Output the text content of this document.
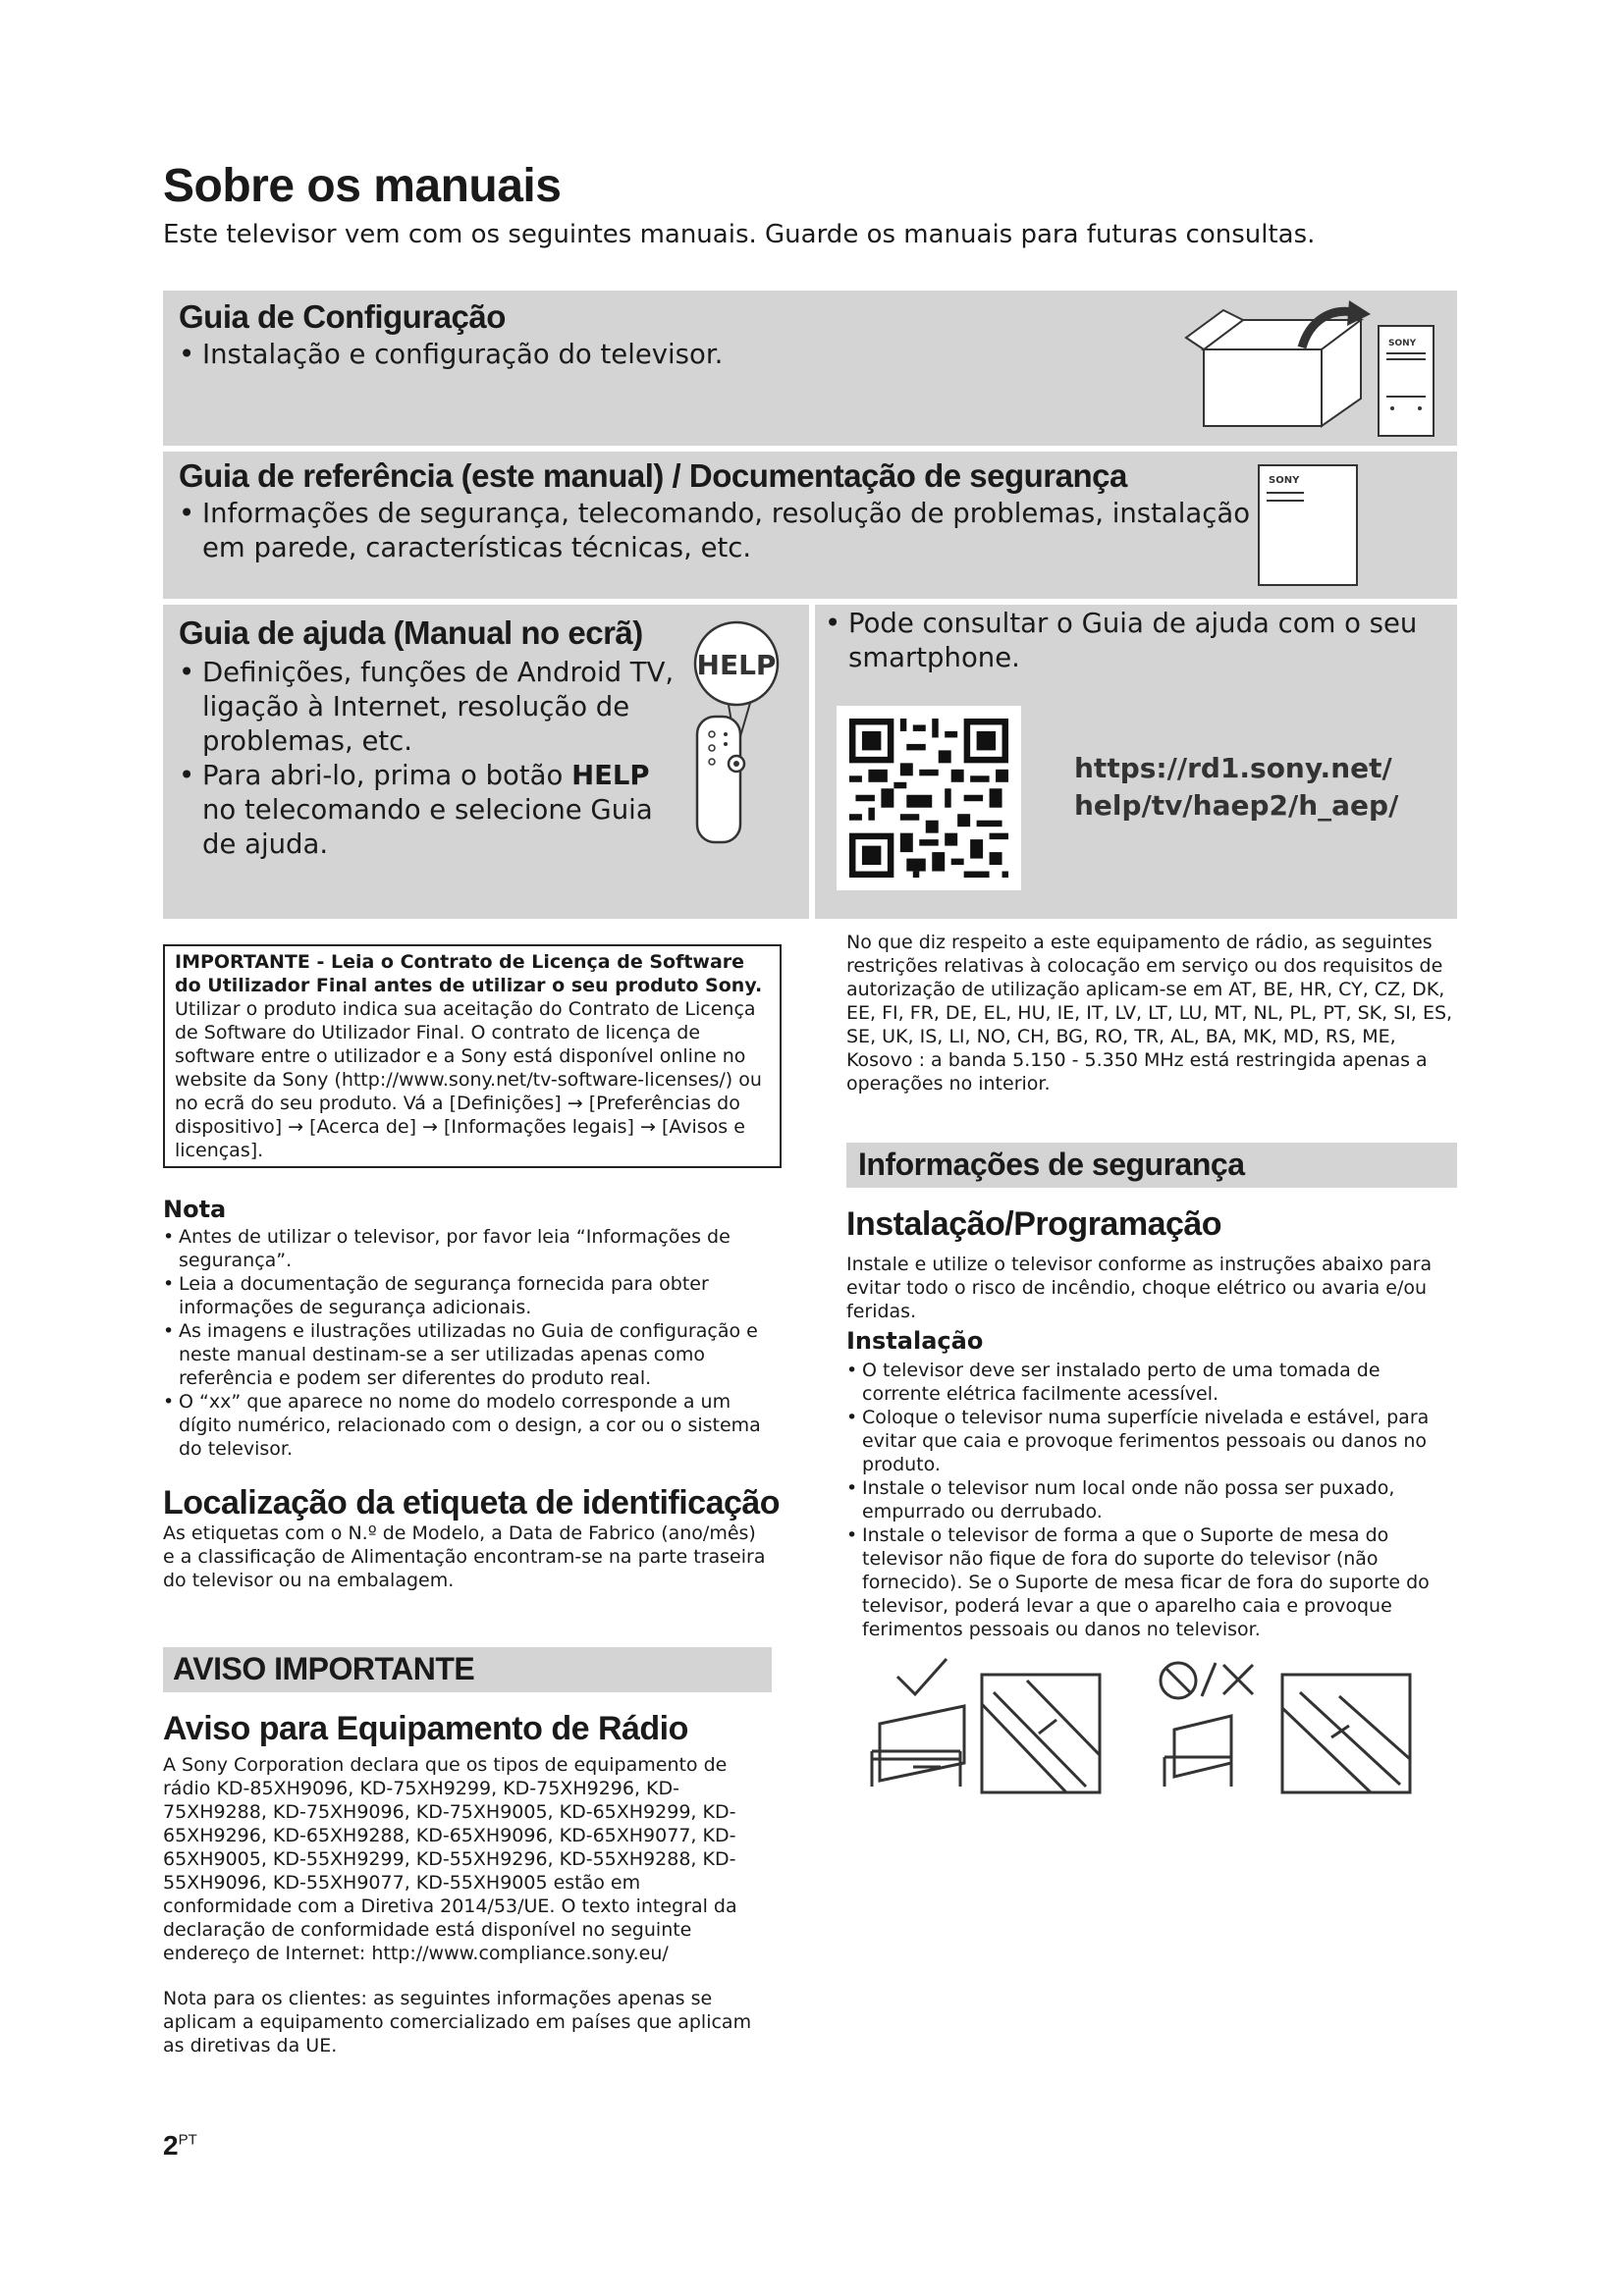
Sobre os manuais
Este televisor vem com os seguintes manuais. Guarde os manuais para futuras consultas.
Guia de Configuração

• Instalação e configuração do televisor.	SONY
Guia de referência (este manual) / Documentação de segurança

• Informações de segurança, telecomando, resolução de problemas, instalação em parede, características técnicas, etc.

SONY
Guia de ajuda (Manual no ecrã)

• Definições, funções de Android TV, ligação à Internet, resolução de problemas, etc.

• Para abri-lo, prima o botão HELP no telecomando e selecione Guia de ajuda.

HELP

• Pode consultar o Guia de ajuda com o seu smartphone.

https://rd1.sony.net/
help/tv/haep2/h_aep/
IMPORTANTE - Leia o Contrato de Licença de Software do Utilizador Final antes de utilizar o seu produto Sony. Utilizar o produto indica sua aceitação do Contrato de Licença de Software do Utilizador Final. O contrato de licença de software entre o utilizador e a Sony está disponível online no website da Sony (http://www.sony.net/tv-software-licenses/) ou no ecrã do seu produto. Vá a [Definições] → [Preferências do dispositivo] → [Acerca de] → [Informações legais] → [Avisos e licenças].
Nota
• Antes de utilizar o televisor, por favor leia “Informações de segurança”.
• Leia a documentação de segurança fornecida para obter informações de segurança adicionais.
• As imagens e ilustrações utilizadas no Guia de configuração e neste manual destinam-se a ser utilizadas apenas como referência e podem ser diferentes do produto real.
• O “xx” que aparece no nome do modelo corresponde a um dígito numérico, relacionado com o design, a cor ou o sistema do televisor.
Localização da etiqueta de identificação

As etiquetas com o N.º de Modelo, a Data de Fabrico (ano/mês) e a classificação de Alimentação encontram-se na parte traseira do televisor ou na embalagem.

AVISO IMPORTANTE
Aviso para Equipamento de Rádio

A Sony Corporation declara que os tipos de equipamento de rádio KD-85XH9096, KD-75XH9299, KD-75XH9296, KD-75XH9288, KD-75XH9096, KD-75XH9005, KD-65XH9299, KD-65XH9296, KD-65XH9288, KD-65XH9096, KD-65XH9077, KD-65XH9005, KD-55XH9299, KD-55XH9296, KD-55XH9288, KD-55XH9096, KD-55XH9077, KD-55XH9005 estão em conformidade com a Diretiva 2014/53/UE. O texto integral da declaração de conformidade está disponível no seguinte endereço de Internet: http://www.compliance.sony.eu/

Nota para os clientes: as seguintes informações apenas se aplicam a equipamento comercializado em países que aplicam as diretivas da UE.

No que diz respeito a este equipamento de rádio, as seguintes restrições relativas à colocação em serviço ou dos requisitos de autorização de utilização aplicam-se em AT, BE, HR, CY, CZ, DK, EE, FI, FR, DE, EL, HU, IE, IT, LV, LT, LU, MT, NL, PL, PT, SK, SI, ES, SE, UK, IS, LI, NO, CH, BG, RO, TR, AL, BA, MK, MD, RS, ME, Kosovo : a banda 5.150 - 5.350 MHz está restringida apenas a operações no interior.

Informações de segurança
Instalação/Programação

Instale e utilize o televisor conforme as instruções abaixo para evitar todo o risco de incêndio, choque elétrico ou avaria e/ou feridas.

Instalação
• O televisor deve ser instalado perto de uma tomada de corrente elétrica facilmente acessível.
• Coloque o televisor numa superfície nivelada e estável, para evitar que caia e provoque ferimentos pessoais ou danos no produto.
• Instale o televisor num local onde não possa ser puxado, empurrado ou derrubado.
• Instale o televisor de forma a que o Suporte de mesa do televisor não fique de fora do suporte do televisor (não fornecido). Se o Suporte de mesa ficar de fora do suporte do televisor, poderá levar a que o aparelho caia e provoque ferimentos pessoais ou danos no televisor.
$2^{PT}$
